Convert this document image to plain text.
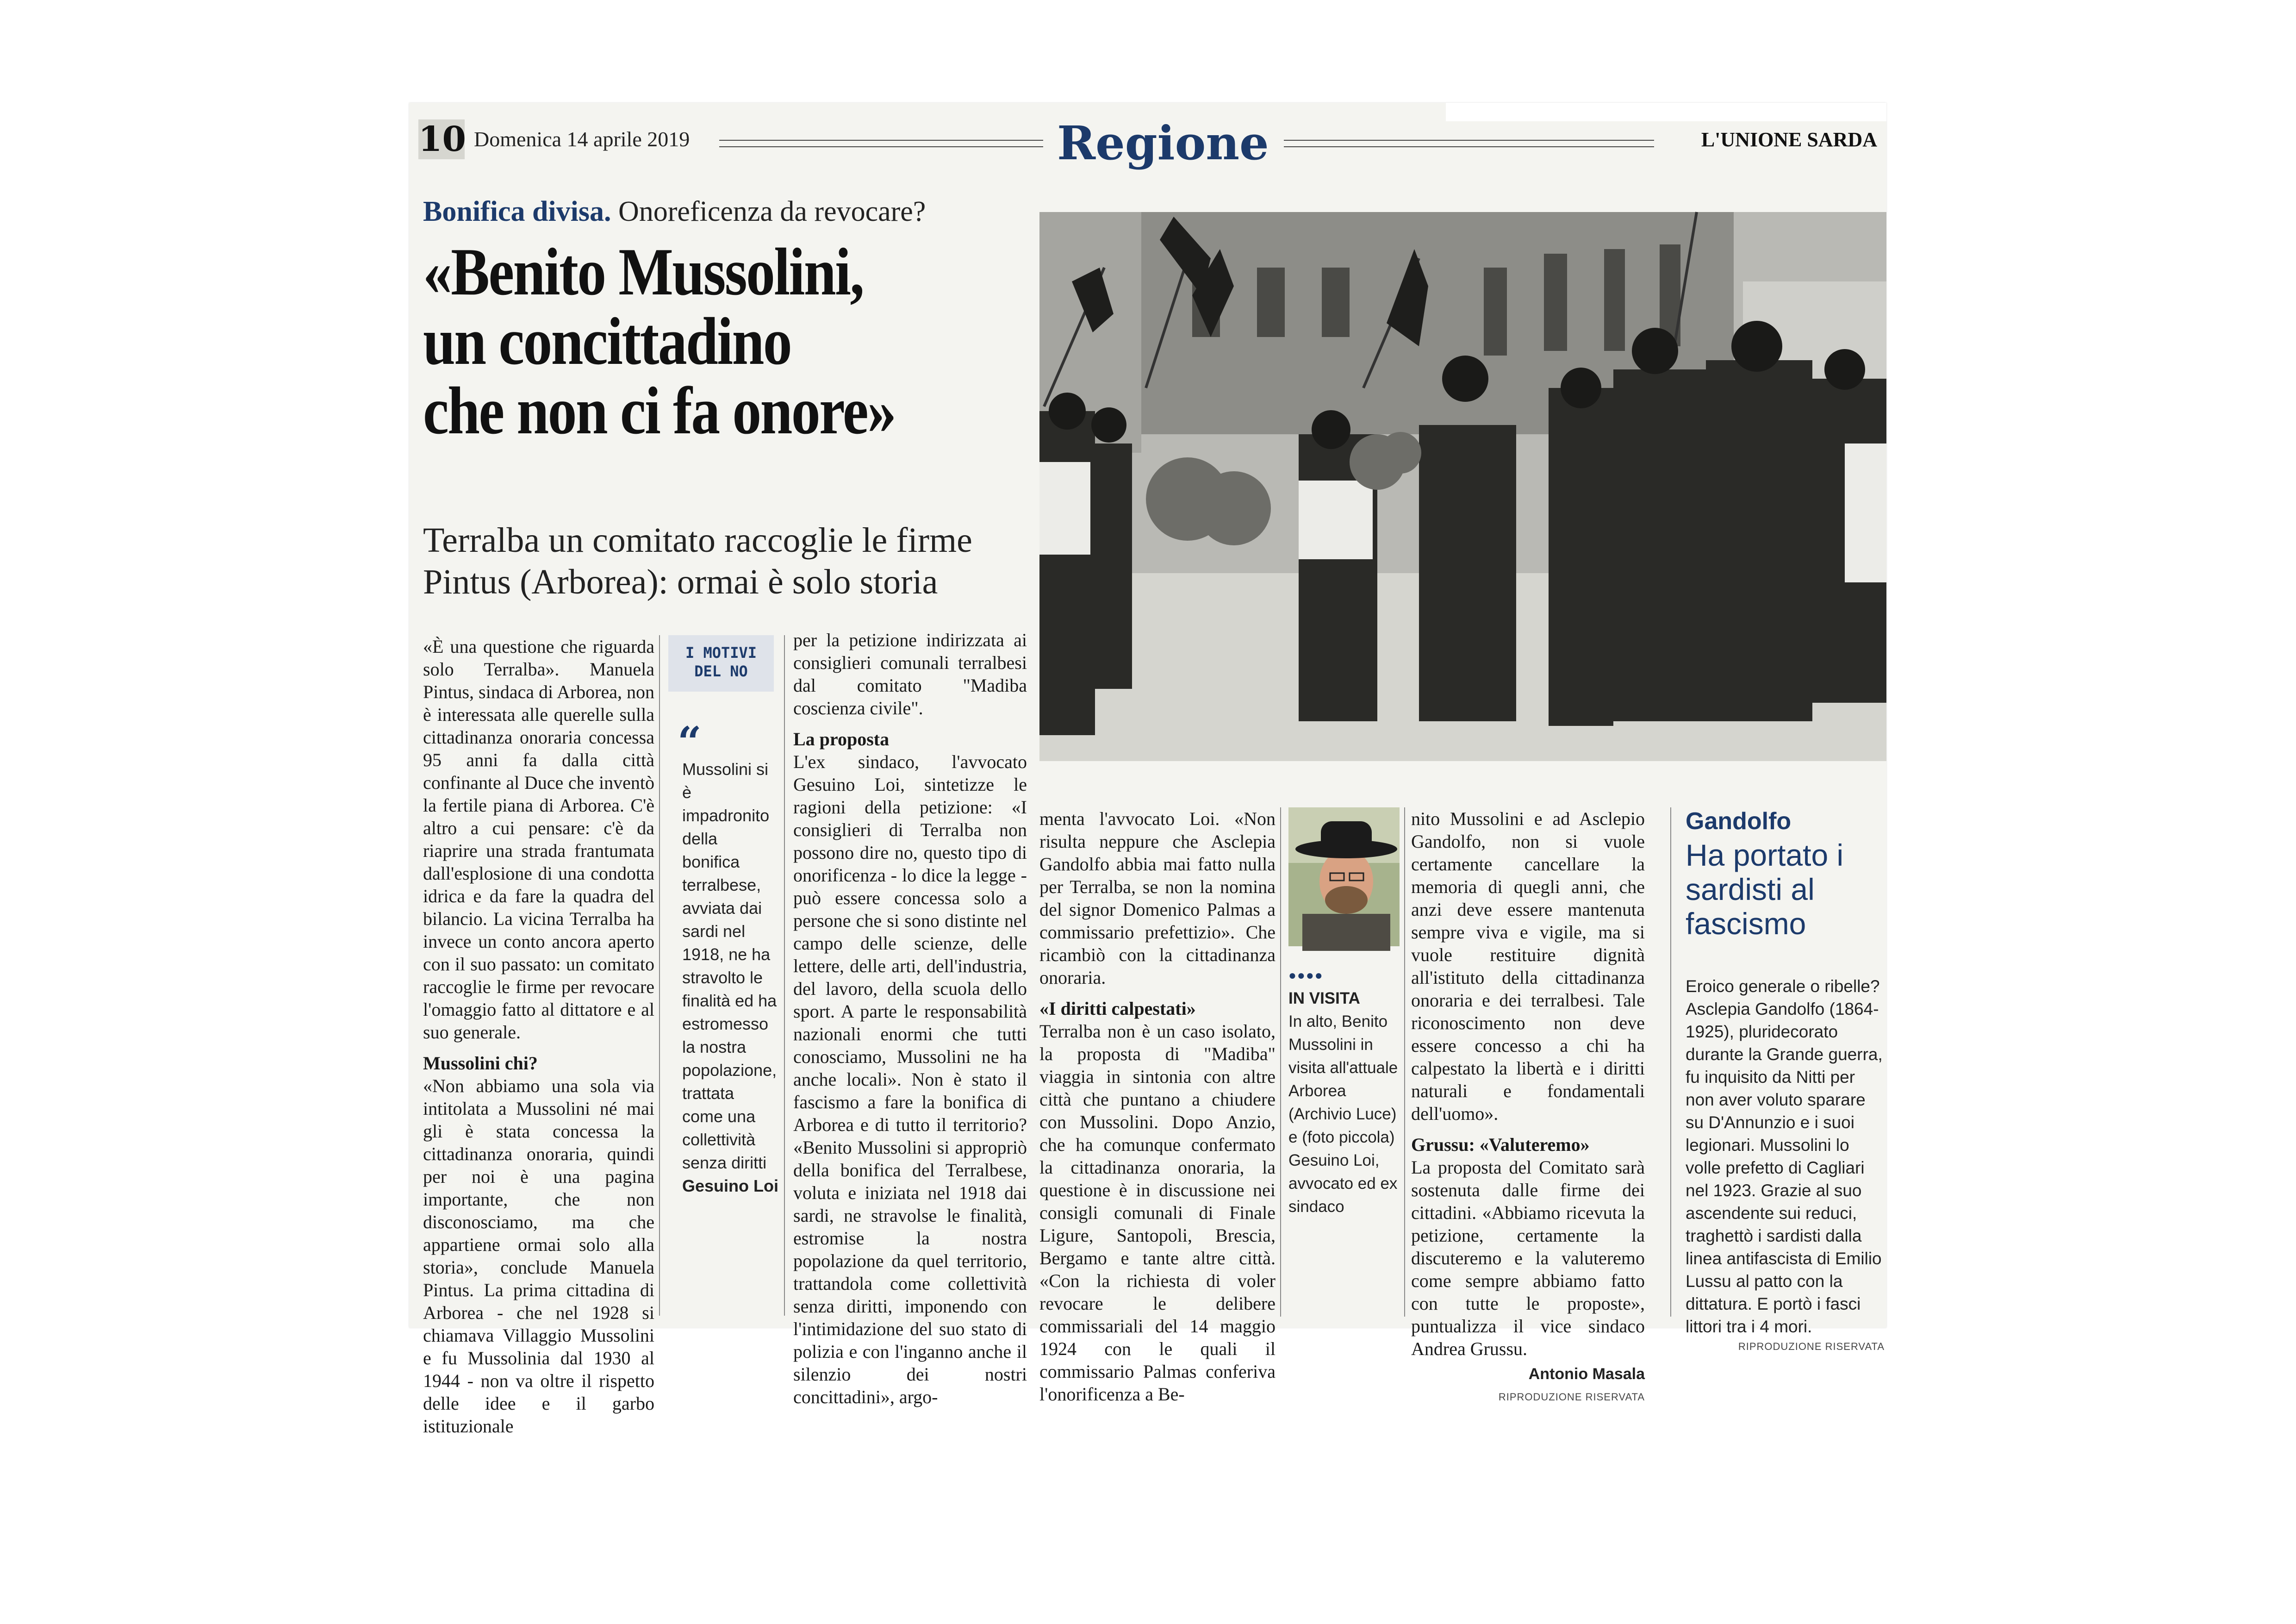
10 Domenica 14 aprile 2019	Regione	L'UNIONE SARDA
Bonifica divisa. Onoreficenza da revocare?
«Benito Mussolini,
un concittadino
che non ci fa onore»
Terralba un comitato raccoglie le firme
Pintus (Arborea): ormai è solo storia

«È una questione che riguarda solo Terralba». Manuela Pintus, sindaca di Arborea, non è interessata alle querelle sulla cittadinanza onoraria concessa 95 anni fa dalla città confinante al Duce che inventò la fertile piana di Arborea. C'è altro a cui pensare: c'è da riaprire una strada frantumata dall'esplosione di una condotta idrica e da fare la quadra del bilancio. La vicina Terralba ha invece un conto ancora aperto con il suo passato: un comitato raccoglie le firme per revocare l'omaggio fatto al dittatore e al suo generale.

Mussolini chi?

«Non abbiamo una sola via intitolata a Mussolini né mai gli è stata concessa la cittadinanza onoraria, quindi per noi è una pagina importante, che non disconosciamo, ma che appartiene ormai solo alla storia», conclude Manuela Pintus. La prima cittadina di Arborea - che nel 1928 si chiamava Villaggio Mussolini e fu Mussolinia dal 1930 al 1944 - non va oltre il rispetto delle idee e il garbo istituzionale

I MOTIVI DEL NO
“
Mussolini si è impadronito della bonifica terralbese, avviata dai sardi nel 1918, ne ha stravolto le finalità ed ha estromesso la nostra popolazione, trattata come una collettività senza diritti Gesuino Loi

per la petizione indirizzata ai consiglieri comunali terralbesi dal comitato "Madiba coscienza civile".

La proposta

L'ex sindaco, l'avvocato Gesuino Loi, sintetizze le ragioni della petizione: «I consiglieri di Terralba non possono dire no, questo tipo di onorificenza - lo dice la legge - può essere concessa solo a persone che si sono distinte nel campo delle scienze, delle lettere, delle arti, dell'industria, del lavoro, della scuola dello sport. A parte le responsabilità nazionali enormi che tutti conosciamo, Mussolini ne ha anche locali». Non è stato il fascismo a fare la bonifica di Arborea e di tutto il territorio? «Benito Mussolini si appropriò della bonifica del Terralbese, voluta e iniziata nel 1918 dai sardi, ne stravolse le finalità, estromise la nostra popolazione da quel territorio, trattandola come collettività senza diritti, imponendo con l'intimidazione del suo stato di polizia e con l'inganno anche il silenzio dei nostri concittadini», argo-

menta l'avvocato Loi. «Non risulta neppure che Asclepia Gandolfo abbia mai fatto nulla per Terralba, se non la nomina del signor Domenico Palmas a commissario prefettizio». Che ricambiò con la cittadinanza onoraria.

«I diritti calpestati»

Terralba non è un caso isolato, la proposta di "Madiba" viaggia in sintonia con altre città che puntano a chiudere con Mussolini. Dopo Anzio, che ha comunque confermato la cittadinanza onoraria, la questione è in discussione nei consigli comunali di Finale Ligure, Santopoli, Brescia, Bergamo e tante altre città. «Con la richiesta di voler revocare le delibere commissariali del 14 maggio 1924 con le quali il commissario Palmas conferiva l'onorificenza a Be-

●●●●
IN VISITA
In alto, Benito Mussolini in visita all'attuale Arborea (Archivio Luce) e (foto piccola) Gesuino Loi, avvocato ed ex sindaco

nito Mussolini e ad Asclepio Gandolfo, non si vuole certamente cancellare la memoria di quegli anni, che anzi deve essere mantenuta sempre viva e vigile, ma si vuole restituire dignità all'istituto della cittadinanza onoraria e dei terralbesi. Tale riconoscimento non deve essere concesso a chi ha calpestato la libertà e i diritti naturali e fondamentali dell'uomo».

Grussu: «Valuteremo»

La proposta del Comitato sarà sostenuta dalle firme dei cittadini. «Abbiamo ricevuta la petizione, certamente la discuteremo e la valuteremo come sempre abbiamo fatto con tutte le proposte», puntualizza il vice sindaco Andrea Grussu.

Antonio Masala

RIPRODUZIONE RISERVATA

Gandolfo
Ha portato i sardisti al fascismo
Eroico generale o ribelle? Asclepia Gandolfo (1864-1925), pluridecorato durante la Grande guerra, fu inquisito da Nitti per non aver voluto sparare su D'Annunzio e i suoi legionari. Mussolini lo volle prefetto di Cagliari nel 1923. Grazie al suo ascendente sui reduci, traghettò i sardisti dalla linea antifascista di Emilio Lussu al patto con la dittatura. E portò i fasci littori tra i 4 mori.
RIPRODUZIONE RISERVATA
